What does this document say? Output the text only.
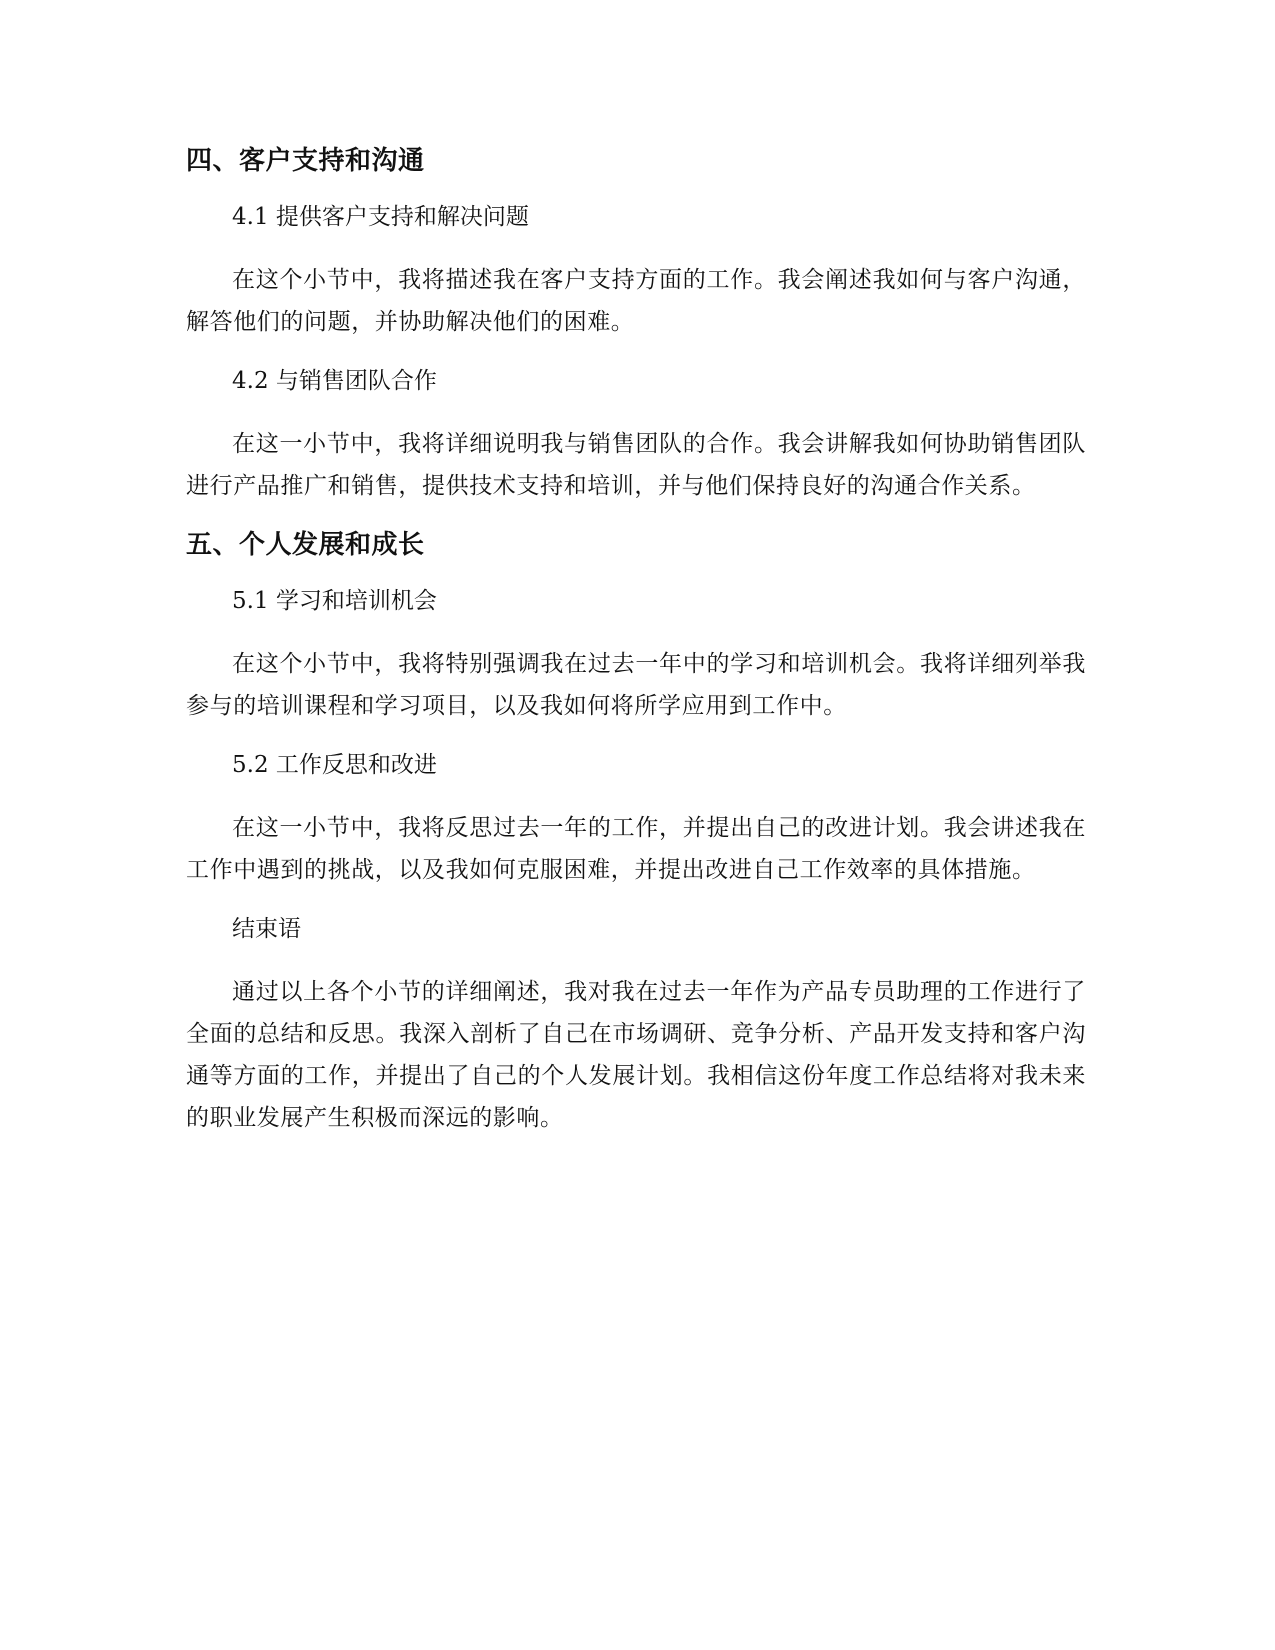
四、客户支持和沟通
4.1 提供客户支持和解决问题
在这个小节中，我将描述我在客户支持方面的工作。我会阐述我如何与客户沟通，解答他们的问题，并协助解决他们的困难。
4.2 与销售团队合作
在这一小节中，我将详细说明我与销售团队的合作。我会讲解我如何协助销售团队进行产品推广和销售，提供技术支持和培训，并与他们保持良好的沟通合作关系。
五、个人发展和成长
5.1 学习和培训机会
在这个小节中，我将特别强调我在过去一年中的学习和培训机会。我将详细列举我参与的培训课程和学习项目，以及我如何将所学应用到工作中。
5.2 工作反思和改进
在这一小节中，我将反思过去一年的工作，并提出自己的改进计划。我会讲述我在工作中遇到的挑战，以及我如何克服困难，并提出改进自己工作效率的具体措施。
结束语
通过以上各个小节的详细阐述，我对我在过去一年作为产品专员助理的工作进行了全面的总结和反思。我深入剖析了自己在市场调研、竞争分析、产品开发支持和客户沟通等方面的工作，并提出了自己的个人发展计划。我相信这份年度工作总结将对我未来的职业发展产生积极而深远的影响。
